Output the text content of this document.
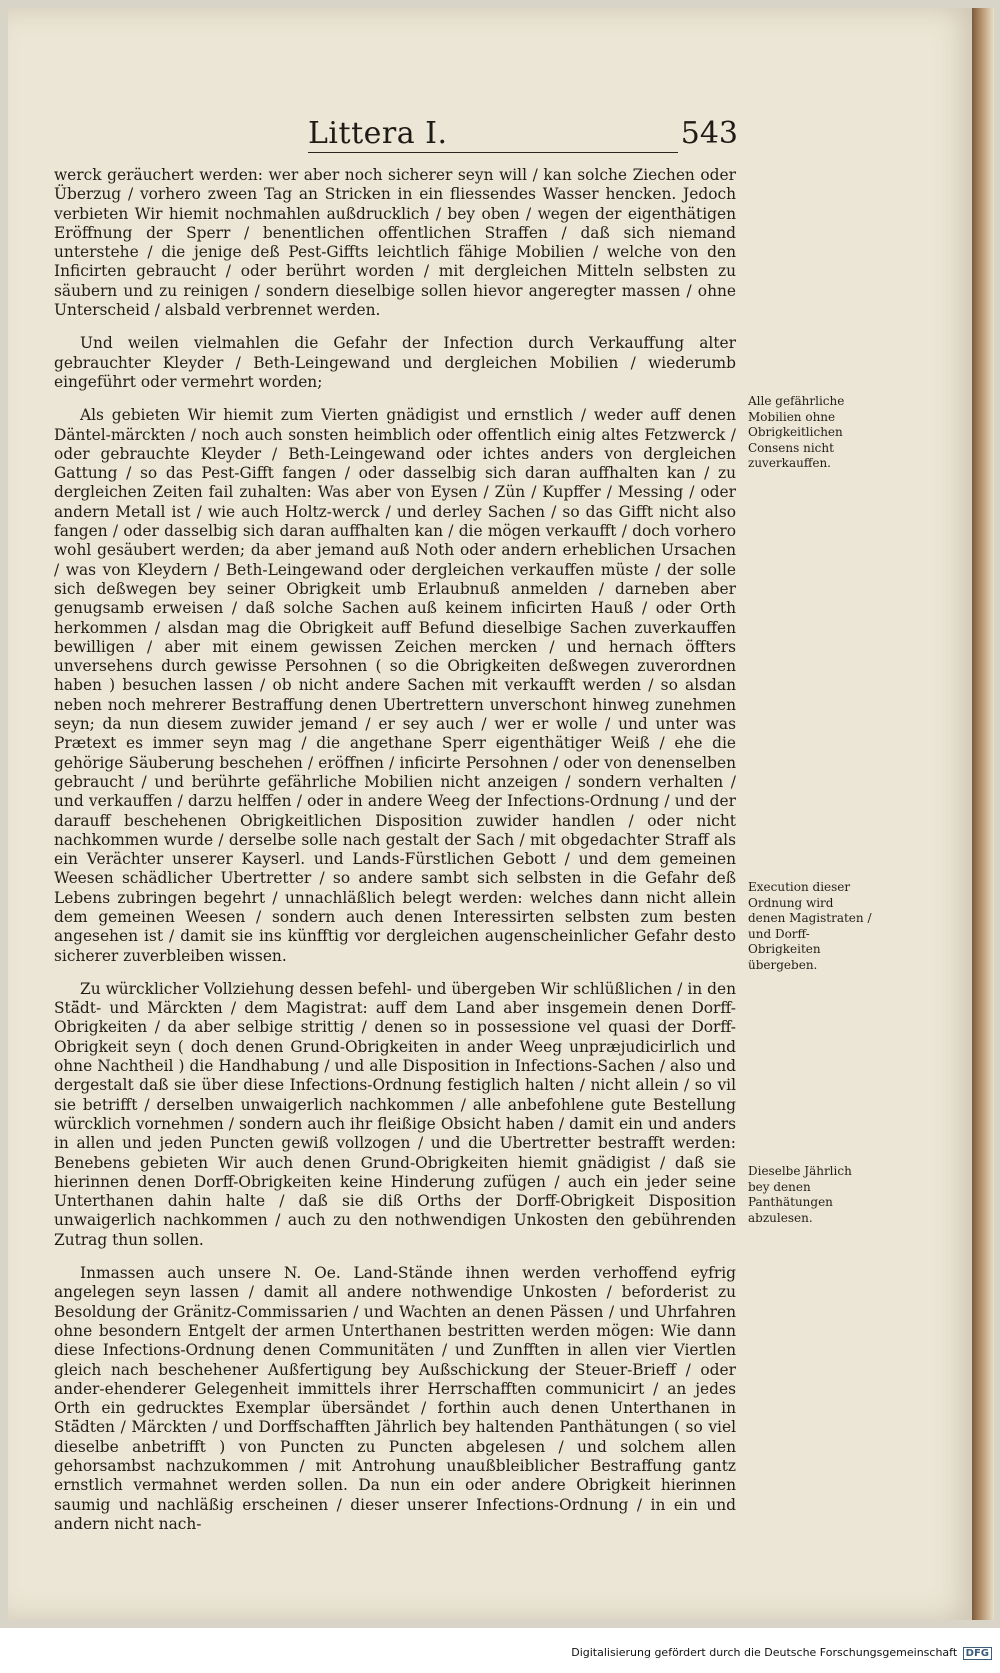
Littera I.	543

werck geräuchert werden: wer aber noch sicherer seyn will / kan solche Ziechen oder Überzug / vorhero zween Tag an Stricken in ein fliessendes Wasser hencken. Jedoch verbieten Wir hiemit nochmahlen außdrucklich / bey oben / wegen der eigenthätigen Eröffnung der Sperr / benentlichen offentlichen Straffen / daß sich niemand unterstehe / die jenige deß Pest-Giffts leichtlich fähige Mobilien / welche von den Inficirten gebraucht / oder berührt worden / mit dergleichen Mitteln selbsten zu säubern und zu reinigen / sondern dieselbige sollen hievor angeregter massen / ohne Unterscheid / alsbald verbrennet werden.

Und weilen vielmahlen die Gefahr der Infection durch Verkauffung alter gebrauchter Kleyder / Beth-Leingewand und dergleichen Mobilien / wiederumb eingeführt oder vermehrt worden;

Als gebieten Wir hiemit zum Vierten gnädigist und ernstlich / weder auff denen Däntel-märckten / noch auch sonsten heimblich oder offentlich einig altes Fetzwerck / oder gebrauchte Kleyder / Beth-Leingewand oder ichtes anders von dergleichen Gattung / so das Pest-Gifft fangen / oder dasselbig sich daran auffhalten kan / zu dergleichen Zeiten fail zuhalten: Was aber von Eysen / Zün / Kupffer / Messing / oder andern Metall ist / wie auch Holtz-werck / und derley Sachen / so das Gifft nicht also fangen / oder dasselbig sich daran auffhalten kan / die mögen verkaufft / doch vorhero wohl gesäubert werden; da aber jemand auß Noth oder andern erheblichen Ursachen / was von Kleydern / Beth-Leingewand oder dergleichen verkauffen müste / der solle sich deßwegen bey seiner Obrigkeit umb Erlaubnuß anmelden / darneben aber genugsamb erweisen / daß solche Sachen auß keinem inficirten Hauß / oder Orth herkommen / alsdan mag die Obrigkeit auff Befund dieselbige Sachen zuverkauffen bewilligen / aber mit einem gewissen Zeichen mercken / und hernach öffters unversehens durch gewisse Persohnen ( so die Obrigkeiten deßwegen zuverordnen haben ) besuchen lassen / ob nicht andere Sachen mit verkaufft werden / so alsdan neben noch mehrerer Bestraffung denen Ubertrettern unverschont hinweg zunehmen seyn; da nun diesem zuwider jemand / er sey auch / wer er wolle / und unter was Prætext es immer seyn mag / die angethane Sperr eigenthätiger Weiß / ehe die gehörige Säuberung beschehen / eröffnen / inficirte Persohnen / oder von denenselben gebraucht / und berührte gefährliche Mobilien nicht anzeigen / sondern verhalten / und verkauffen / darzu helffen / oder in andere Weeg der Infections-Ordnung / und der darauff beschehenen Obrigkeitlichen Disposition zuwider handlen / oder nicht nachkommen wurde / derselbe solle nach gestalt der Sach / mit obgedachter Straff als ein Verächter unserer Kayserl. und Lands-Fürstlichen Gebott / und dem gemeinen Weesen schädlicher Ubertretter / so andere sambt sich selbsten in die Gefahr deß Lebens zubringen begehrt / unnachläßlich belegt werden: welches dann nicht allein dem gemeinen Weesen / sondern auch denen Interessirten selbsten zum besten angesehen ist / damit sie ins künfftig vor dergleichen augenscheinlicher Gefahr desto sicherer zuverbleiben wissen.

Zu würcklicher Vollziehung dessen befehl- und übergeben Wir schlüßlichen / in den Stä̈dt- und Märckten / dem Magistrat: auff dem Land aber insgemein denen Dorff-Obrigkeiten / da aber selbige strittig / denen so in possessione vel quasi der Dorff-Obrigkeit seyn ( doch denen Grund-Obrigkeiten in ander Weeg unpræjudicirlich und ohne Nachtheil ) die Handhabung / und alle Disposition in Infections-Sachen / also und dergestalt daß sie über diese Infections-Ordnung festiglich halten / nicht allein / so vil sie betrifft / derselben unwaigerlich nachkommen / alle anbefohlene gute Bestellung würcklich vornehmen / sondern auch ihr fleißige Obsicht haben / damit ein und anders in allen und jeden Puncten gewiß vollzogen / und die Ubertretter bestrafft werden: Benebens gebieten Wir auch denen Grund-Obrigkeiten hiemit gnädigist / daß sie hierinnen denen Dorff-Obrigkeiten keine Hinderung zufügen / auch ein jeder seine Unterthanen dahin halte / daß sie diß Orths der Dorff-Obrigkeit Disposition unwaigerlich nachkommen / auch zu den nothwendigen Unkosten den gebührenden Zutrag thun sollen.

Inmassen auch unsere N. Oe. Land-Stände ihnen werden verhoffend eyfrig angelegen seyn lassen / damit all andere nothwendige Unkosten / beforderist zu Besoldung der Gränitz-Commissarien / und Wachten an denen Pässen / und Uhrfahren ohne besondern Entgelt der armen Unterthanen bestritten werden mögen: Wie dann diese Infections-Ordnung denen Communitäten / und Zunfften in allen vier Viertlen gleich nach beschehener Außfertigung bey Außschickung der Steuer-Brieff / oder ander-ehenderer Gelegenheit immittels ihrer Herrschafften communicirt / an jedes Orth ein gedrucktes Exemplar übersändet / forthin auch denen Unterthanen in Stä̈dten / Märckten / und Dorffschafften Jährlich bey haltenden Panthätungen ( so viel dieselbe anbetrifft ) von Puncten zu Puncten abgelesen / und solchem allen gehorsambst nachzukommen / mit Antrohung unaußbleiblicher Bestraffung gantz ernstlich vermahnet werden sollen. Da nun ein oder andere Obrigkeit hierinnen saumig und nachläßig erscheinen / dieser unserer Infections-Ordnung / in ein und andern nicht nach-

Alle gefährliche Mobilien ohne Obrigkeitlichen Consens nicht zuverkauffen.
Execution dieser Ordnung wird denen Magistraten / und Dorff-Obrigkeiten übergeben.
Dieselbe Jährlich bey denen Panthätungen abzulesen.
Digitalisierung gefördert durch die Deutsche Forschungsgemeinschaft DFG
